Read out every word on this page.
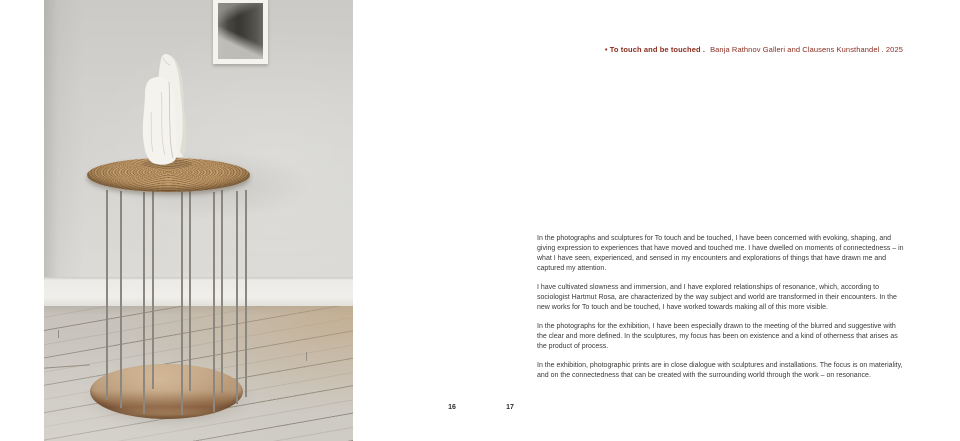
• To touch and be touched . Banja Rathnov Galleri and Clausens Kunsthandel . 2025

In the photographs and sculptures for To touch and be touched, I have been concerned with evoking, shaping, and giving expression to experiences that have moved and touched me. I have dwelled on moments of connectedness – in what I have seen, experienced, and sensed in my encounters and explorations of things that have drawn me and captured my attention.

I have cultivated slowness and immersion, and I have explored relationships of resonance, which, according to sociologist Hartmut Rosa, are characterized by the way subject and world are transformed in their encounters. In the new works for To touch and be touched, I have worked towards making all of this more visible.

In the photographs for the exhibition, I have been especially drawn to the meeting of the blurred and suggestive with the clear and more defined. In the sculptures, my focus has been on existence and a kind of otherness that arises as the product of process.

In the exhibition, photographic prints are in close dialogue with sculptures and installations. The focus is on materiality, and on the connectedness that can be created with the surrounding world through the work – on resonance.

16	17
